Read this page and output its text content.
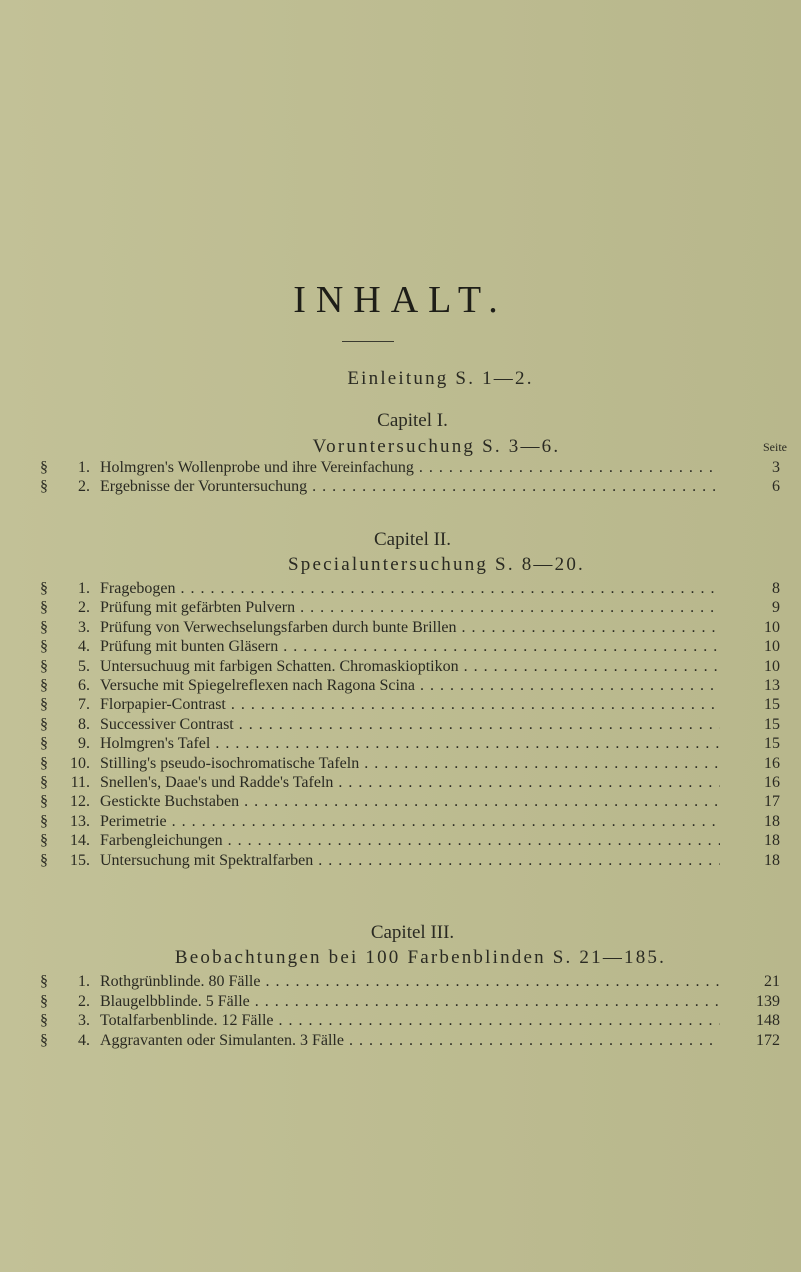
INHALT.
Einleitung S. 1—2.
Seite
Capitel I.
Voruntersuchung S. 3—6.
§	1. Holmgren's Wollenprobe und ihre Vereinfachung . . .	3
§	2. Ergebnisse der Voruntersuchung . . .	6
Capitel II.
Specialuntersuchung S. 8—20.
§	1. Fragebogen . . .	8
§	2. Prüfung mit gefärbten Pulvern . . .	9
§	3. Prüfung von Verwechselungsfarben durch bunte Brillen . . .	10
§	4. Prüfung mit bunten Gläsern . . .	10
§	5. Untersuchuug mit farbigen Schatten. Chromaskioptikon . . .	10
§	6. Versuche mit Spiegelreflexen nach Ragona Scina . . .	13
§	7. Florpapier-Contrast . . .	15
§	8. Successiver Contrast . . .	15
§	9. Holmgren's Tafel . . .	15
§	10. Stilling's pseudo-isochromatische Tafeln . . .	16
§	11. Snellen's, Daae's und Radde's Tafeln . . .	16
§	12. Gestickte Buchstaben . . .	17
§	13. Perimetrie . . .	18
§	14. Farbengleichungen . . .	18
§	15. Untersuchung mit Spektralfarben . . .	18
Capitel III.
Beobachtungen bei 100 Farbenblinden S. 21—185.
§	1. Rothgrünblinde. 80 Fälle . . .	21
§	2. Blaugelbblinde. 5 Fälle . . .	139
§	3. Totalfarbenblinde. 12 Fälle . . .	148
§	4. Aggravanten oder Simulanten. 3 Fälle . . .	172
